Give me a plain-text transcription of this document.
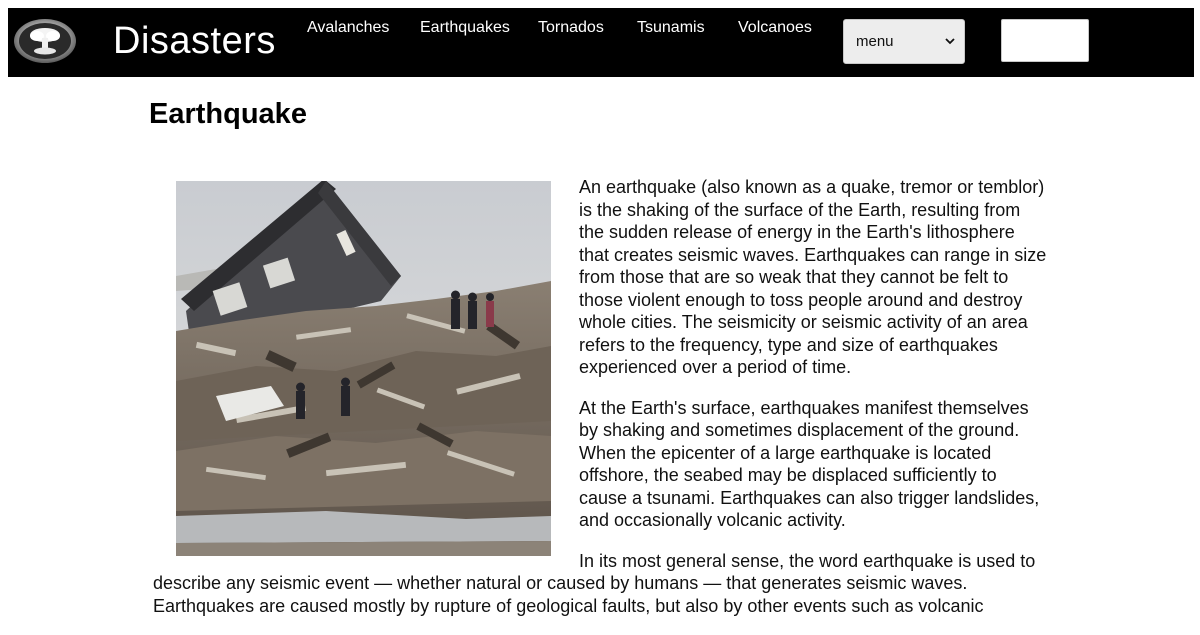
Disasters Avalanches Earthquakes Tornados Tsunamis Volcanoes
menu
Earthquake

An earthquake (also known as a quake, tremor or temblor) is the shaking of the surface of the Earth, resulting from the sudden release of energy in the Earth's lithosphere that creates seismic waves. Earthquakes can range in size from those that are so weak that they cannot be felt to those violent enough to toss people around and destroy whole cities. The seismicity or seismic activity of an area refers to the frequency, type and size of earthquakes experienced over a period of time.

At the Earth's surface, earthquakes manifest themselves by shaking and sometimes displacement of the ground. When the epicenter of a large earthquake is located offshore, the seabed may be displaced sufficiently to cause a tsunami. Earthquakes can also trigger landslides, and occasionally volcanic activity.

In its most general sense, the word earthquake is used to describe any seismic event — whether natural or caused by humans — that generates seismic waves. Earthquakes are caused mostly by rupture of geological faults, but also by other events such as volcanic
